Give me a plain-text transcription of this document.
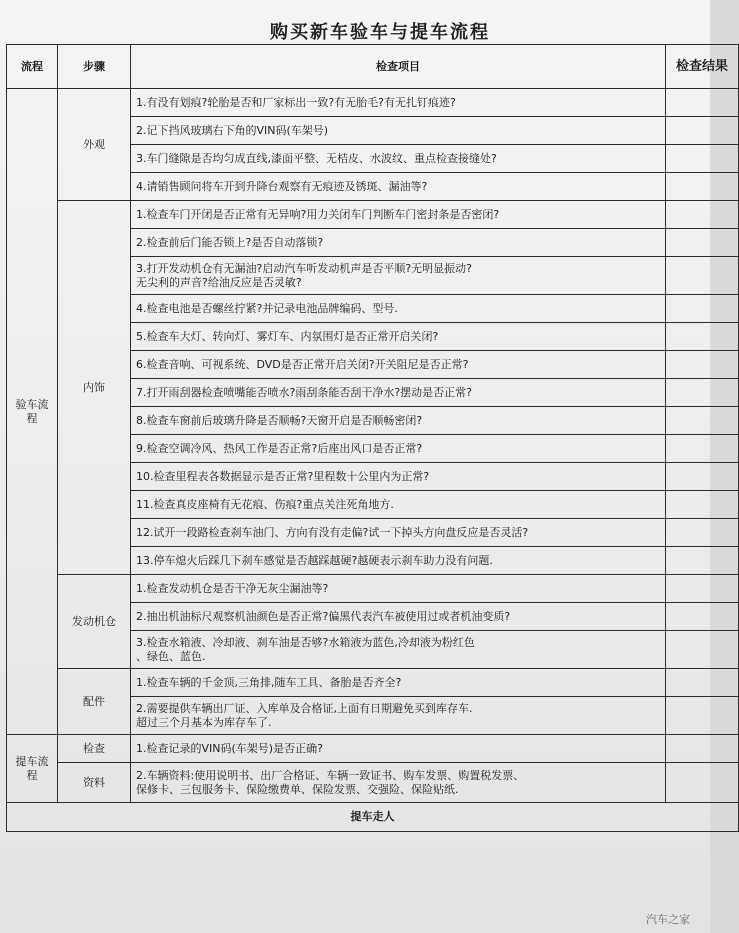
购买新车验车与提车流程
流程	步骤	检查项目	检查结果
验车流程	外观	1.有没有划痕?轮胎是否和厂家标出一致?有无胎毛?有无扎钉痕迹?	
		2.记下挡风玻璃右下角的VIN码(车架号)	
		3.车门缝隙是否均匀成直线,漆面平整、无桔皮、水波纹、重点检查接缝处?	
		4.请销售顾问将车开到升降台观察有无痕迹及锈斑、漏油等?	
	内饰	1.检查车门开闭是否正常有无异响?用力关闭车门判断车门密封条是否密闭?	
		2.检查前后门能否锁上?是否自动落锁?	
		3.打开发动机仓有无漏油?启动汽车听发动机声是否平顺?无明显振动?
无尖利的声音?给油反应是否灵敏?	
		4.检查电池是否螺丝拧紧?并记录电池品牌编码、型号.	
		5.检查车大灯、转向灯、雾灯车、内氛围灯是否正常开启关闭?	
		6.检查音响、可视系统、DVD是否正常开启关闭?开关阻尼是否正常?	
		7.打开雨刮器检查喷嘴能否喷水?雨刮条能否刮干净水?摆动是否正常?	
		8.检查车窗前后玻璃升降是否顺畅?天窗开启是否顺畅密闭?	
		9.检查空调冷风、热风工作是否正常?后座出风口是否正常?	
		10.检查里程表各数据显示是否正常?里程数十公里内为正常?	
		11.检查真皮座椅有无花痕、伤痕?重点关注死角地方.	
		12.试开一段路检查刹车油门、方向有没有走偏?试一下掉头方向盘反应是否灵活?	
		13.停车熄火后踩几下刹车感觉是否越踩越硬?越硬表示刹车助力没有问题.	
	发动机仓	1.检查发动机仓是否干净无灰尘漏油等?	
		2.抽出机油标尺观察机油颜色是否正常?偏黑代表汽车被使用过或者机油变质?	
		3.检查水箱液、冷却液、刹车油是否够?水箱液为蓝色,冷却液为粉红色
、绿色、蓝色.	
	配件	1.检查车辆的千金顶,三角排,随车工具、备胎是否齐全?	
		2.需要提供车辆出厂证、入库单及合格证,上面有日期避免买到库存车.
超过三个月基本为库存车了.	
提车流程	检查	1.检查记录的VIN码(车架号)是否正确?	
	资料	2.车辆资料:使用说明书、出厂合格证、车辆一致证书、购车发票、购置税发票、
保修卡、三包服务卡、保险缴费单、保险发票、交强险、保险贴纸.	
提车走人			
汽车之家
